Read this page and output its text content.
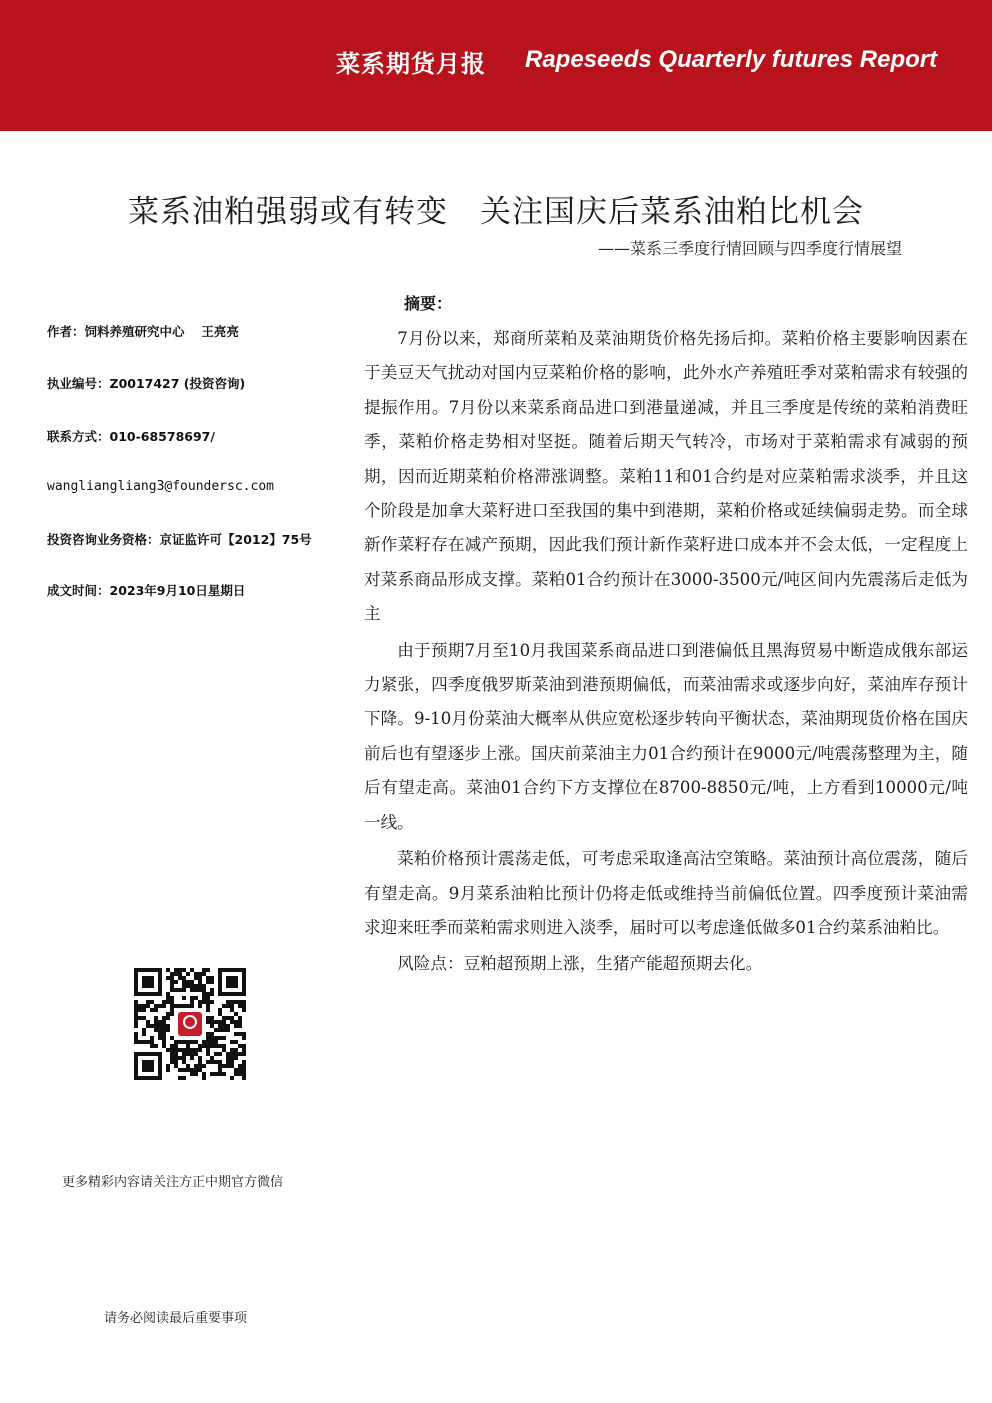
菜系期货月报 Rapeseeds Quarterly futures Report
菜系油粕强弱或有转变　关注国庆后菜系油粕比机会
——菜系三季度行情回顾与四季度行情展望
作者：饲料养殖研究中心　 王亮亮
执业编号：Z0017427 (投资咨询)
联系方式：010-68578697/
wangliangliang3@foundersc.com
投资咨询业务资格：京证监许可【2012】75号
成文时间：2023年9月10日星期日
更多精彩内容请关注方正中期官方微信
摘要：

7月份以来，郑商所菜粕及菜油期货价格先扬后抑。菜粕价格主要影响因素在于美豆天气扰动对国内豆菜粕价格的影响，此外水产养殖旺季对菜粕需求有较强的提振作用。7月份以来菜系商品进口到港量递减，并且三季度是传统的菜粕消费旺季，菜粕价格走势相对坚挺。随着后期天气转冷，市场对于菜粕需求有减弱的预期，因而近期菜粕价格滞涨调整。菜粕11和01合约是对应菜粕需求淡季，并且这个阶段是加拿大菜籽进口至我国的集中到港期，菜粕价格或延续偏弱走势。而全球新作菜籽存在减产预期，因此我们预计新作菜籽进口成本并不会太低，一定程度上对菜系商品形成支撑。菜粕01合约预计在3000-3500元/吨区间内先震荡后走低为主

由于预期7月至10月我国菜系商品进口到港偏低且黑海贸易中断造成俄东部运力紧张，四季度俄罗斯菜油到港预期偏低，而菜油需求或逐步向好，菜油库存预计下降。9-10月份菜油大概率从供应宽松逐步转向平衡状态，菜油期现货价格在国庆前后也有望逐步上涨。国庆前菜油主力01合约预计在9000元/吨震荡整理为主，随后有望走高。菜油01合约下方支撑位在8700-8850元/吨，上方看到10000元/吨一线。

菜粕价格预计震荡走低，可考虑采取逢高沽空策略。菜油预计高位震荡，随后有望走高。9月菜系油粕比预计仍将走低或维持当前偏低位置。四季度预计菜油需求迎来旺季而菜粕需求则进入淡季，届时可以考虑逢低做多01合约菜系油粕比。

风险点：豆粕超预期上涨，生猪产能超预期去化。

请务必阅读最后重要事项
